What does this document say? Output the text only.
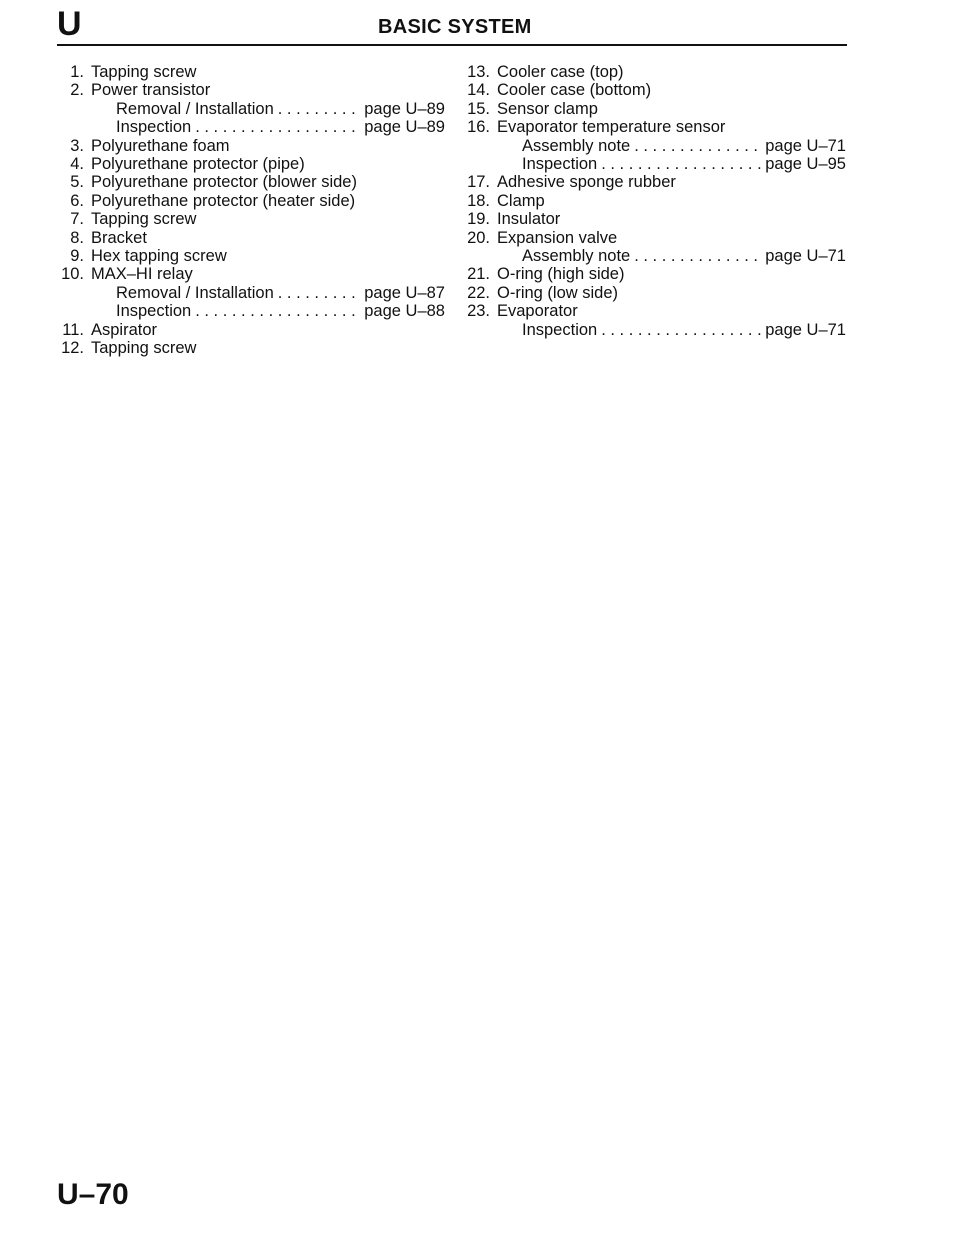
U	BASIC SYSTEM
1. Tapping screw
2. Power transistor
Removal / Installation . . .	page U–89
Inspection . . .	page U–89
3. Polyurethane foam
4. Polyurethane protector (pipe)
5. Polyurethane protector (blower side)
6. Polyurethane protector (heater side)
7. Tapping screw
8. Bracket
9. Hex tapping screw
10. MAX–HI relay
Removal / Installation . . .	page U–87
Inspection . . .	page U–88
11. Aspirator
12. Tapping screw
13. Cooler case (top)
14. Cooler case (bottom)
15. Sensor clamp
16. Evaporator temperature sensor
Assembly note . . .	page U–71
Inspection . . .	page U–95
17. Adhesive sponge rubber
18. Clamp
19. Insulator
20. Expansion valve
Assembly note . . .	page U–71
21. O-ring (high side)
22. O-ring (low side)
23. Evaporator
Inspection . . .	page U–71
U–70
